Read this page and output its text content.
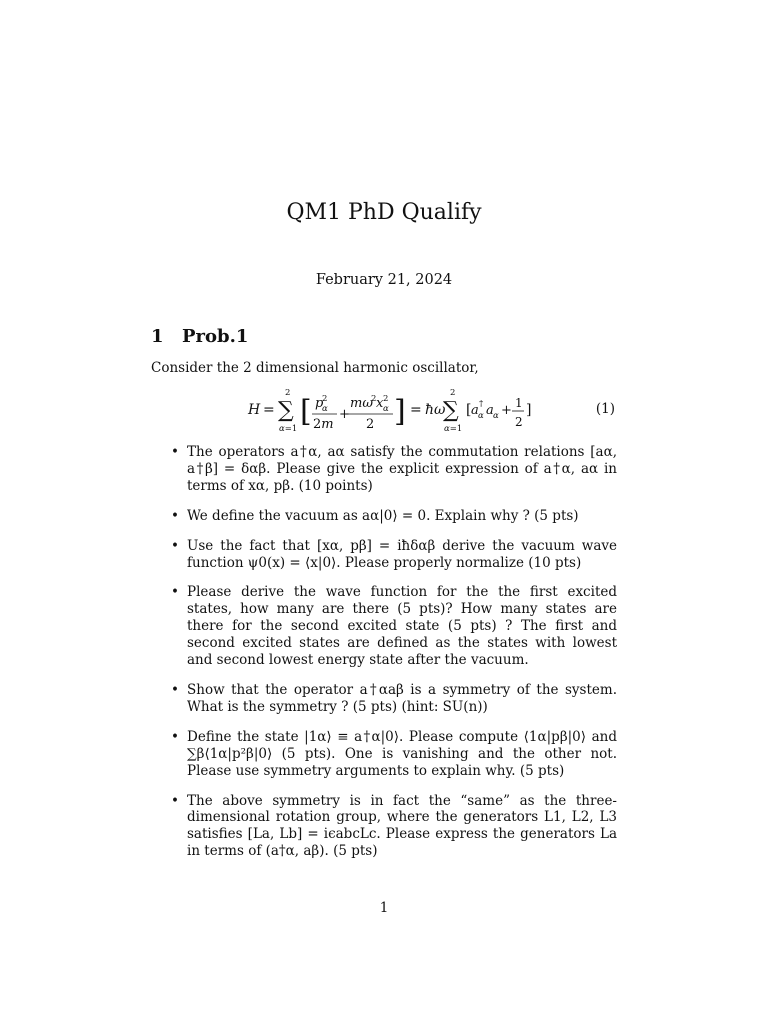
QM1 PhD Qualify
February 21, 2024
1 Prob.1
Consider the 2 dimensional harmonic oscillator,
H =
2
∑
α=1 [ p
2
α
2m
+
mω
2 x 2
α
2 ] = ħω
2
∑
α=1
[ a †
α a α + 1
2
]	(1)
• The operators a†α, aα satisfy the commutation relations [aα, a†β] = δαβ. Please give the explicit expression of a†α, aα in terms of xα, pβ. (10 points)
• We define the vacuum as aα|0⟩ = 0. Explain why ? (5 pts)
• Use the fact that [xα, pβ] = iħδαβ derive the vacuum wave function ψ0(x) = ⟨x|0⟩. Please properly normalize (10 pts)
• Please derive the wave function for the the first excited states, how many are there (5 pts)? How many states are there for the second excited state (5 pts) ? The first and second excited states are defined as the states with lowest and second lowest energy state after the vacuum.
• Show that the operator a†αaβ is a symmetry of the system. What is the symmetry ? (5 pts) (hint: SU(n))
• Define the state |1α⟩ ≡ a†α|0⟩. Please compute ⟨1α|pβ|0⟩ and ∑β⟨1α|p²β|0⟩ (5 pts). One is vanishing and the other not. Please use symmetry arguments to explain why. (5 pts)
• The above symmetry is in fact the “same” as the three-dimensional rotation group, where the generators L1, L2, L3 satisfies [La, Lb] = iϵabcLc. Please express the generators La in terms of (a†α, aβ). (5 pts)
1
